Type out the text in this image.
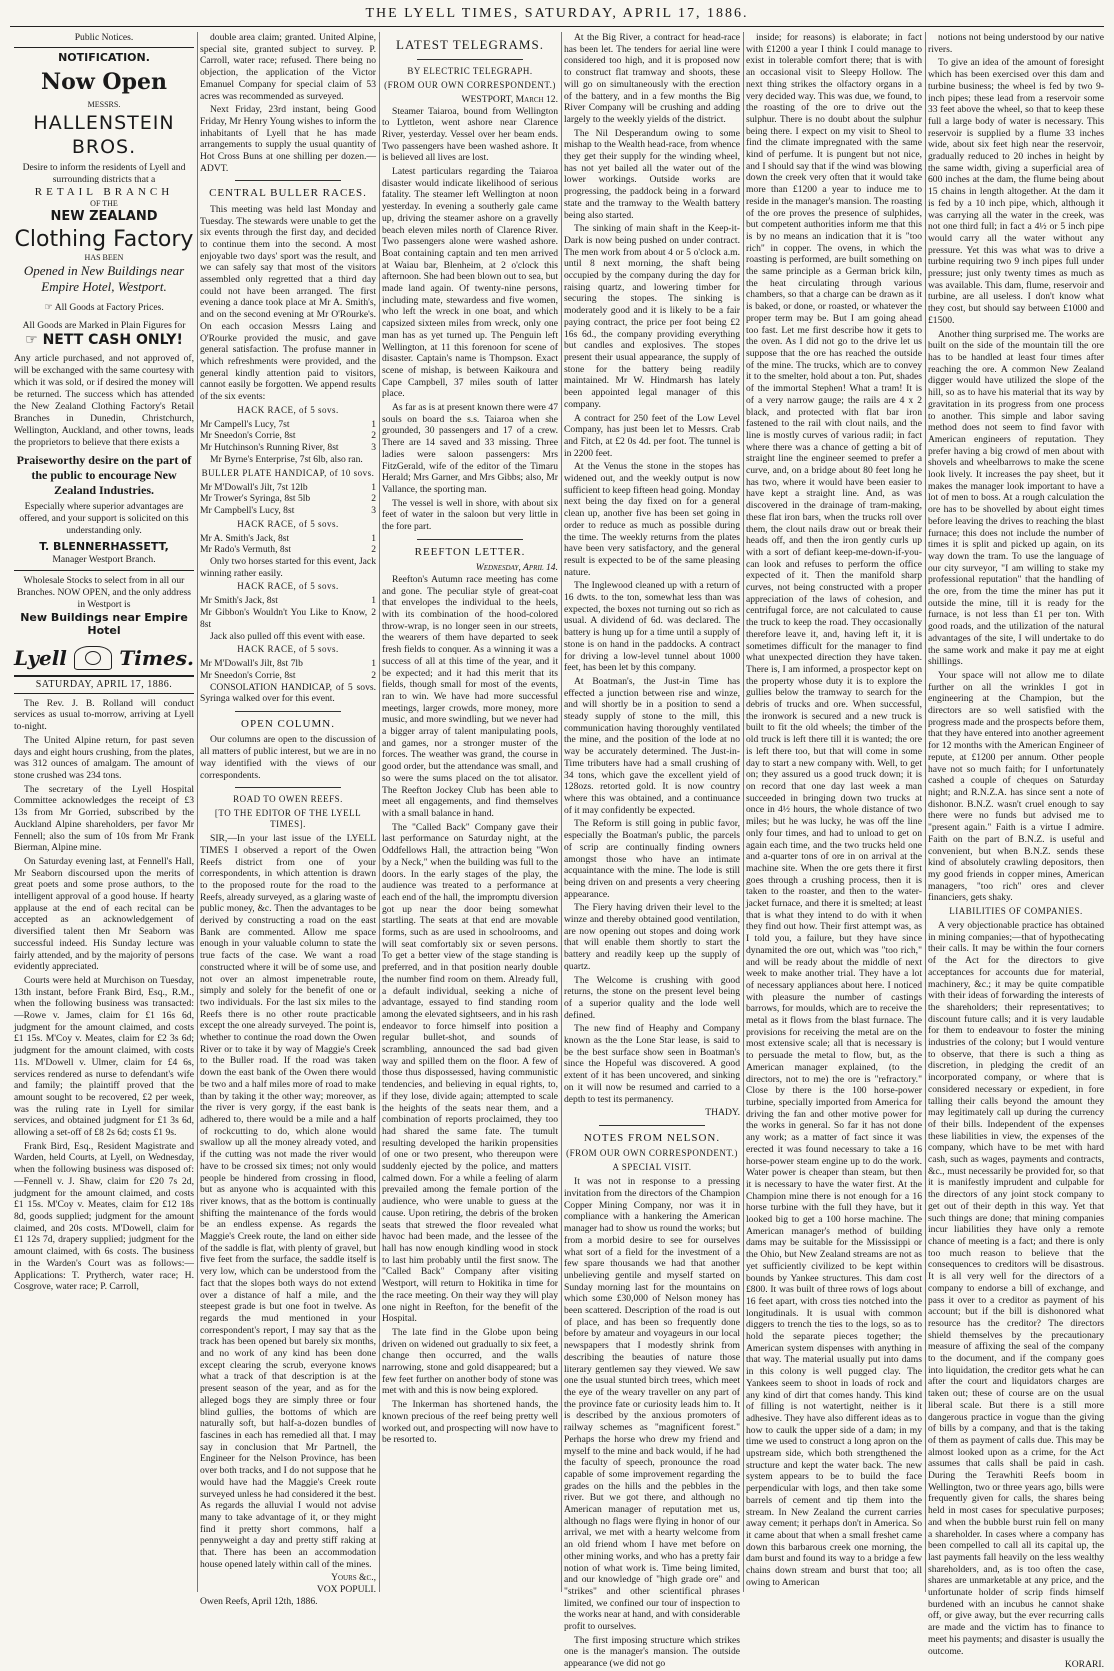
THE LYELL TIMES, SATURDAY, APRIL 17, 1886.
Public Notices.
NOTIFICATION.
Now Open
MESSRS.
HALLENSTEIN BROS.
Desire to inform the residents of Lyell and surrounding districts that a
RETAIL BRANCH
OF THE
NEW ZEALAND
Clothing Factory
HAS BEEN
Opened in New Buildings near Empire Hotel, Westport.
☞ All Goods at Factory Prices.
All Goods are Marked in Plain Figures for
☞ NETT CASH ONLY!
Any article purchased, and not approved of, will be exchanged with the same courtesy with which it was sold, or if desired the money will be returned. The success which has attended the New Zealand Clothing Factory's Retail Branches in Dunedin, Christchurch, Wellington, Auckland, and other towns, leads the proprietors to believe that there exists a
Praiseworthy desire on the part of the public to encourage New Zealand Industries.
Especially where superior advantages are offered, and your support is solicited on this understanding only.
T. BLENNERHASSETT,
Manager Westport Branch.
Wholesale Stocks to select from in all our Branches. NOW OPEN, and the only address in Westport is
New Buildings near Empire Hotel
Lyell	Times.
SATURDAY, APRIL 17, 1886.

The Rev. J. B. Rolland will conduct services as usual to-morrow, arriving at Lyell to-night.

The United Alpine return, for past seven days and eight hours crushing, from the plates, was 312 ounces of amalgam. The amount of stone crushed was 234 tons.

The secretary of the Lyell Hospital Committee acknowledges the receipt of £3 13s from Mr Gorried, subscribed by the Auckland Alpine shareholders, per favor Mr Fennell; also the sum of 10s from Mr Frank Bierman, Alpine mine.

On Saturday evening last, at Fennell's Hall, Mr Seaborn discoursed upon the merits of great poets and some prose authors, to the intelligent approval of a good house. If hearty applause at the end of each recital can be accepted as an acknowledgement of diversified talent then Mr Seaborn was successful indeed. His Sunday lecture was fairly attended, and by the majority of persons evidently appreciated.

Courts were held at Murchison on Tuesday, 13th instant, before Frank Bird, Esq., R.M., when the following business was transacted:—Rowe v. James, claim for £1 16s 6d, judgment for the amount claimed, and costs £1 15s. M'Coy v. Meates, claim for £2 3s 6d; judgment for the amount claimed, with costs 11s. M'Dowell v. Ulmer, claim for £4 6s, services rendered as nurse to defendant's wife and family; the plaintiff proved that the amount sought to be recovered, £2 per week, was the ruling rate in Lyell for similar services, and obtained judgment for £1 3s 6d, allowing a set-off of £8 2s 6d; costs £1 9s.

Frank Bird, Esq., Resident Magistrate and Warden, held Courts, at Lyell, on Wednesday, when the following business was disposed of:—Fennell v. J. Shaw, claim for £20 7s 2d, judgment for the amount claimed, and costs £1 15s. M'Coy v. Meates, claim for £12 18s 8d, goods supplied; judgment for the amount claimed, and 20s costs. M'Dowell, claim for £1 12s 7d, drapery supplied; judgment for the amount claimed, with 6s costs. The business in the Warden's Court was as follows:—Applications: T. Prytherch, water race; H. Cosgrove, water race; P. Carroll,

double area claim; granted. United Alpine, special site, granted subject to survey. P. Carroll, water race; refused. There being no objection, the application of the Victor Emanuel Company for special claim of 53 acres was recommended as surveyed.

Next Friday, 23rd instant, being Good Friday, Mr Henry Young wishes to inform the inhabitants of Lyell that he has made arrangements to supply the usual quantity of Hot Cross Buns at one shilling per dozen.—ADVT.

CENTRAL BULLER RACES.

This meeting was held last Monday and Tuesday. The stewards were unable to get the six events through the first day, and decided to continue them into the second. A most enjoyable two days' sport was the result, and we can safely say that most of the visitors assembled only regretted that a third day could not have been arranged. The first evening a dance took place at Mr A. Smith's, and on the second evening at Mr O'Rourke's. On each occasion Messrs Laing and O'Rourke provided the music, and gave general satisfaction. The profuse manner in which refreshments were provided, and the general kindly attention paid to visitors, cannot easily be forgotten. We append results of the six events:

HACK RACE, of 5 sovs.
Mr Campell's Lucy, 7st	1
Mr Sneedon's Corrie, 8st	2
Mr Hutchinson's Running River, 8st	3

Mr Byrne's Enterprise, 7st 6lb, also ran.

BULLER PLATE HANDICAP, of 10 sovs.
Mr M'Dowall's Jilt, 7st 12lb	1
Mr Trower's Syringa, 8st 5lb	2
Mr Campbell's Lucy, 8st	3
HACK RACE, of 5 sovs.
Mr A. Smith's Jack, 8st	1
Mr Rado's Vermuth, 8st	2

Only two horses started for this event, Jack winning rather easily.

HACK RACE, of 5 sovs.
Mr Smith's Jack, 8st	1
Mr Gibbon's Wouldn't You Like to Know, 8st
2

Jack also pulled off this event with ease.

HACK RACE, of 5 sovs.
Mr M'Dowall's Jilt, 8st 7lb	1
Mr Sneedon's Corrie, 8st	2

CONSOLATION HANDICAP, of 5 sovs. Syringa walked over for this event.

OPEN COLUMN.

Our columns are open to the discussion of all matters of public interest, but we are in no way identified with the views of our correspondents.

ROAD TO OWEN REEFS.
[TO THE EDITOR OF THE LYELL TIMES].

SIR,—In your last issue of the LYELL TIMES I observed a report of the Owen Reefs district from one of your correspondents, in which attention is drawn to the proposed route for the road to the Reefs, already surveyed, as a glaring waste of public money, &c. Then the advantages to be derived by constructing a road on the east Bank are commented. Allow me space enough in your valuable column to state the true facts of the case. We want a road constructed where it will be of some use, and not over an almost impenetrable route, simply and solely for the benefit of one or two individuals. For the last six miles to the Reefs there is no other route practicable except the one already surveyed. The point is, whether to continue the road down the Owen River or to take it by way of Maggie's Creek to the Buller road. If the road was taken down the east bank of the Owen there would be two and a half miles more of road to make than by taking it the other way; moreover, as the river is very gorgy, if the east bank is adhered to, there would be a mile and a half of rockcutting to do, which alone would swallow up all the money already voted, and if the cutting was not made the river would have to be crossed six times; not only would people be hindered from crossing in flood, but as anyone who is acquainted with this river knows, that as the bottom is continually shifting the maintenance of the fords would be an endless expense. As regards the Maggie's Creek route, the land on either side of the saddle is flat, with plenty of gravel, but five feet from the surface, the saddle itself is very low, which can be understood from the fact that the slopes both ways do not extend over a distance of half a mile, and the steepest grade is but one foot in twelve. As regards the mud mentioned in your correspondent's report, I may say that as the track has been opened but barely six months, and no work of any kind has been done except clearing the scrub, everyone knows what a track of that description is at the present season of the year, and as for the alleged bogs they are simply three or four blind gullies, the bottoms of which are naturally soft, but half-a-dozen bundles of fascines in each has remedied all that. I may say in conclusion that Mr Partnell, the Engineer for the Nelson Province, has been over both tracks, and I do not suppose that he would have had the Maggie's Creek route surveyed unless he had considered it the best. As regards the alluvial I would not advise many to take advantage of it, or they might find it pretty short commons, half a pennyweight a day and pretty stiff raking at that. There has been an accommodation house opened lately within call of the mines.

Yours &c.,
VOX POPULI.
Owen Reefs, April 12th, 1886.
LATEST TELEGRAMS.
BY ELECTRIC TELEGRAPH.
(FROM OUR OWN CORRESPONDENT.)
WESTPORT, March 12.

Steamer Taiaroa, bound from Wellington to Lyttleton, went ashore near Clarence River, yesterday. Vessel over her beam ends. Two passengers have been washed ashore. It is believed all lives are lost.

Latest particulars regarding the Taiaroa disaster would indicate likelihood of serious fatality. The steamer left Wellington at noon yesterday. In evening a southerly gale came up, driving the steamer ashore on a gravelly beach eleven miles north of Clarence River. Two passengers alone were washed ashore. Boat containing captain and ten men arrived at Waiau bar, Blenheim, at 2 o'clock this afternoon. She had been blown out to sea, but made land again. Of twenty-nine persons, including mate, stewardess and five women, who left the wreck in one boat, and which capsized sixteen miles from wreck, only one man has as yet turned up. The Penguin left Wellington, at 11 this forenoon for scene of disaster. Captain's name is Thompson. Exact scene of mishap, is between Kaikoura and Cape Campbell, 37 miles south of latter place.

As far as is at present known there were 47 souls on board the s.s. Taiaroa when she grounded, 30 passengers and 17 of a crew. There are 14 saved and 33 missing. Three ladies were saloon passengers: Mrs FitzGerald, wife of the editor of the Timaru Herald; Mrs Garner, and Mrs Gibbs; also, Mr Vallance, the sporting man.

The vessel is well in shore, with about six feet of water in the saloon but very little in the fore part.

REEFTON LETTER.
Wednesday, April 14.

Reefton's Autumn race meeting has come and gone. The peculiar style of great-coat that envelopes the individual to the heels, with its combination of the hood-colored throw-wrap, is no longer seen in our streets, the wearers of them have departed to seek fresh fields to conquer. As a winning it was a success of all at this time of the year, and it be expected; and it had this merit that its fields, though small for most of the events, ran to win. We have had more successful meetings, larger crowds, more money, more music, and more swindling, but we never had a bigger array of talent manipulating pools, and games, nor a stronger muster of the forces. The weather was grand, the course in good order, but the attendance was small, and so were the sums placed on the tot alisator. The Reefton Jockey Club has been able to meet all engagements, and find themselves with a small balance in hand.

The "Called Back" Company gave their last performance on Saturday night, at the Oddfellows Hall, the attraction being "Won by a Neck," when the building was full to the doors. In the early stages of the play, the audience was treated to a performance at each end of the hall, the impromptu diversion got up near the door being somewhat startling. The seats at that end are movable forms, such as are used in schoolrooms, and will seat comfortably six or seven persons. To get a better view of the stage standing is preferred, and in that position nearly double the number find room on them. Already full, a default individual, seeking a niche of advantage, essayed to find standing room among the elevated sightseers, and in his rash endeavor to force himself into position a regular bullet-shot, and sounds of scrambling, announced the sad bad given way and spilled them on the floor. A few of those thus dispossessed, having communistic tendencies, and believing in equal rights, to, if they lose, divide again; attempted to scale the heights of the seats near them, and a combination of reports proclaimed, they too had shared the same fate. The tumult resulting developed the harikin propensities of one or two present, who thereupon were suddenly ejected by the police, and matters calmed down. For a while a feeling of alarm prevailed among the female portion of the audience, who were unable to guess at the cause. Upon retiring, the debris of the broken seats that strewed the floor revealed what havoc had been made, and the lessee of the hall has now enough kindling wood in stock to last him probably until the first snow. The "Called Back" Company after visiting Westport, will return to Hokitika in time for the race meeting. On their way they will play one night in Reefton, for the benefit of the Hospital.

The late find in the Globe upon being driven on widened out gradually to six feet, a change then occurred, and the walls narrowing, stone and gold disappeared; but a few feet further on another body of stone was met with and this is now being explored.

The Inkerman has shortened hands, the known precious of the reef being pretty well worked out, and prospecting will now have to be resorted to.

At the Big River, a contract for head-race has been let. The tenders for aerial line were considered too high, and it is proposed now to construct flat tramway and shoots, these will go on simultaneously with the erection of the battery, and in a few months the Big River Company will be crushing and adding largely to the weekly yields of the district.

The Nil Desperandum owing to some mishap to the Wealth head-race, from whence they get their supply for the winding wheel, has not yet bailed all the water out of the lower workings. Outside works are progressing, the paddock being in a forward state and the tramway to the Wealth battery being also started.

The sinking of main shaft in the Keep-it-Dark is now being pushed on under contract. The men work from about 4 or 5 o'clock a.m. until 8 next morning, the shaft being occupied by the company during the day for raising quartz, and lowering timber for securing the stopes. The sinking is moderately good and it is likely to be a fair paying contract, the price per foot being £2 16s 6d., the company providing everything but candles and explosives. The stopes present their usual appearance, the supply of stone for the battery being readily maintained. Mr W. Hindmarsh has lately been appointed legal manager of this company.

A contract for 250 feet of the Low Level Company, has just been let to Messrs. Crab and Fitch, at £2 0s 4d. per foot. The tunnel is in 2200 feet.

At the Venus the stone in the stopes has widened out, and the weekly output is now sufficient to keep fifteen head going. Monday next being the day fixed on for a general clean up, another five has been set going in order to reduce as much as possible during the time. The weekly returns from the plates have been very satisfactory, and the general result is expected to be of the same pleasing nature.

The Inglewood cleaned up with a return of 16 dwts. to the ton, somewhat less than was expected, the boxes not turning out so rich as usual. A dividend of 6d. was declared. The battery is hung up for a time until a supply of stone is on hand in the paddocks. A contract for driving a low-level tunnel about 1000 feet, has been let by this company.

At Boatman's, the Just-in Time has effected a junction between rise and winze, and will shortly be in a position to send a steady supply of stone to the mill, this communication having thoroughly ventilated the mine, and the position of the lode at no way be accurately determined. The Just-in-Time tributers have had a small crushing of 34 tons, which gave the excellent yield of 128ozs. retorted gold. It is now country where this was obtained, and a continuance of it may confidently be expected.

The Reform is still going in public favor, especially the Boatman's public, the parcels of scrip are continually finding owners amongst those who have an intimate acquaintance with the mine. The lode is still being driven on and presents a very cheering appearance.

The Fiery having driven their level to the winze and thereby obtained good ventilation, are now opening out stopes and doing work that will enable them shortly to start the battery and readily keep up the supply of quartz.

The Welcome is crushing with good returns, the stone on the present level being of a superior quality and the lode well defined.

The new find of Heaphy and Company known as the the Lone Star lease, is said to be the best surface show seen in Boatman's since the Hopeful was discovered. A good extent of it has been uncovered, and sinking on it will now be resumed and carried to a depth to test its permanency.

THADY.
NOTES FROM NELSON.
(FROM OUR OWN CORRESPONDENT.)
A SPECIAL VISIT.

It was not in response to a pressing invitation from the directors of the Champion Copper Mining Company, nor was it in compliance with a hankering the American manager had to show us round the works; but from a morbid desire to see for ourselves what sort of a field for the investment of a few spare thousands we had that another unbelieving gentile and myself started on Sunday morning last for the mountains on which some £30,000 of Nelson money has been scattered. Description of the road is out of place, and has been so frequently done before by amateur and voyageurs in our local newspapers that I modestly shrink from describing the beauties of nature those literary gentlemen say they viewed. We saw one the usual stunted birch trees, which meet the eye of the weary traveller on any part of the province fate or curiosity leads him to. It is described by the anxious promoters of railway schemes as "magnificent forest." Perhaps the horse who drew my friend and myself to the mine and back would, if he had the faculty of speech, pronounce the road capable of some improvement regarding the grades on the hills and the pebbles in the river. But we got there, and although no American manager of reputation met us, although no flags were flying in honor of our arrival, we met with a hearty welcome from an old friend whom I have met before on other mining works, and who has a pretty fair notion of what work is. Time being limited, and our knowledge of "high grade ore" and "strikes" and other scientifical phrases limited, we confined our tour of inspection to the works near at hand, and with considerable profit to ourselves.

The first imposing structure which strikes one is the manager's mansion. The outside appearance (we did not go

inside; for reasons) is elaborate; in fact with £1200 a year I think I could manage to exist in tolerable comfort there; that is with an occasional visit to Sleepy Hollow. The next thing strikes the olfactory organs in a very decided way. This was due, we found, to the roasting of the ore to drive out the sulphur. There is no doubt about the sulphur being there. I expect on my visit to Sheol to find the climate impregnated with the same kind of perfume. It is pungent but not nice, and I should say that if the wind was blowing down the creek very often that it would take more than £1200 a year to induce me to reside in the manager's mansion. The roasting of the ore proves the presence of sulphides, but competent authorities inform me that this is by no means an indication that it is "too rich" in copper. The ovens, in which the roasting is performed, are built something on the same principle as a German brick kiln, the heat circulating through various chambers, so that a charge can be drawn as it is baked, or done, or roasted, or whatever the proper term may be. But I am going ahead too fast. Let me first describe how it gets to the oven. As I did not go to the drive let us suppose that the ore has reached the outside of the mine. The trucks, which are to convey it to the smelter, hold about a ton. Put, shades of the immortal Stephen! What a tram! It is of a very narrow gauge; the rails are 4 x 2 black, and protected with flat bar iron fastened to the rail with clout nails, and the line is mostly curves of various radii; in fact where there was a chance of getting a bit of straight line the engineer seemed to prefer a curve, and, on a bridge about 80 feet long he has two, where it would have been easier to have kept a straight line. And, as was discovered in the drainage of tram-making, these flat iron bars, when the trucks roll over them, the clout nails draw out or break their heads off, and then the iron gently curls up with a sort of defiant keep-me-down-if-you-can look and refuses to perform the office expected of it. Then the manifold sharp curves, not being constructed with a proper appreciation of the laws of cohesion, and centrifugal force, are not calculated to cause the truck to keep the road. They occasionally therefore leave it, and, having left it, it is sometimes difficult for the manager to find what unexpected direction they have taken. There is, I am informed, a prospector kept on the property whose duty it is to explore the gullies below the tramway to search for the debris of trucks and ore. When successful, the ironwork is secured and a new truck is built to fit the old wheels; the timber of the old truck is left there till it is wanted; the ore is left there too, but that will come in some day to start a new company with. Well, to get on; they assured us a good truck down; it is on record that one day last week a man succeeded in bringing down two trucks at once in 4½ hours, the whole distance of two miles; but he was lucky, he was off the line only four times, and had to unload to get on again each time, and the two trucks held one and a-quarter tons of ore in on arrival at the machine site. When the ore gets there it first goes through a crushing process, then it is taken to the roaster, and then to the water-jacket furnace, and there it is smelted; at least that is what they intend to do with it when they find out how. Their first attempt was, as I told you, a failure, but they have since dynamited the ore out, which was "too rich," and will be ready about the middle of next week to make another trial. They have a lot of necessary appliances about here. I noticed with pleasure the number of castings barrows, for moulds, which are to receive the metal as it flows from the blast furnace. The provisions for receiving the metal are on the most extensive scale; all that is necessary is to persuade the metal to flow, but, as the American manager explained, (to the directors, not to me) the ore is "refractory." Close by there is the 100 horse-power turbine, specially imported from America for driving the fan and other motive power for the works in general. So far it has not done any work; as a matter of fact since it was erected it was found necessary to take a 16 horse-power steam engine up to do the work. Water power is cheaper than steam, but then it is necessary to have the water first. At the Champion mine there is not enough for a 16 horse turbine with the full they have, but it looked big to get a 100 horse machine. The American manager's method of building dams may be suitable for the Mississippi or the Ohio, but New Zealand streams are not as yet sufficiently civilized to be kept within bounds by Yankee structures. This dam cost £800. It was built of three rows of logs about 16 feet apart, with cross ties notched into the longitudinals. It is usual with common diggers to trench the ties to the logs, so as to hold the separate pieces together; the American system dispenses with anything in that way. The material usually put into dams in this colony is well pugged clay. The Yankees seem to shoot in loads of rock and any kind of dirt that comes handy. This kind of filling is not watertight, neither is it adhesive. They have also different ideas as to how to caulk the upper side of a dam; in my time we used to construct a long apron on the upstream side, which both strengthened the structure and kept the water back. The new system appears to be to build the face perpendicular with logs, and then take some barrels of cement and tip them into the stream. In New Zealand the current carries away cement; it perhaps don't in America. So it came about that when a small freshet came down this barbarous creek one morning, the dam burst and found its way to a bridge a few chains down stream and burst that too; all owing to American

notions not being understood by our native rivers.

To give an idea of the amount of foresight which has been exercised over this dam and turbine business; the wheel is fed by two 9-inch pipes; these lead from a reservoir some 33 feet above the wheel, so that to keep these full a large body of water is necessary. This reservoir is supplied by a flume 33 inches wide, about six feet high near the reservoir, gradually reduced to 20 inches in height by the same width, giving a superficial area of 600 inches at the dam, the flume being about 15 chains in length altogether. At the dam it is fed by a 10 inch pipe, which, although it was carrying all the water in the creek, was not one third full; in fact a 4½ or 5 inch pipe would carry all the water without any pressure. Yet this was what was to drive a turbine requiring two 9 inch pipes full under pressure; just only twenty times as much as was available. This dam, flume, reservoir and turbine, are all useless. I don't know what they cost, but should say between £1000 and £1500.

Another thing surprised me. The works are built on the side of the mountain till the ore has to be handled at least four times after reaching the ore. A common New Zealand digger would have utilized the slope of the hill, so as to have his material that its way by gravitation in its progress from one process to another. This simple and labor saving method does not seem to find favor with American engineers of reputation. They prefer having a big crowd of men about with shovels and wheelbarrows to make the scene look lively. It increases the pay sheet, but it makes the manager look important to have a lot of men to boss. At a rough calculation the ore has to be shovelled by about eight times before leaving the drives to reaching the blast furnace; this does not include the number of times it is split and picked up again, on its way down the tram. To use the language of our city surveyor, "I am willing to stake my professional reputation" that the handling of the ore, from the time the miner has put it outside the mine, till it is ready for the furnace, is not less than £1 per ton. With good roads, and the utilization of the natural advantages of the site, I will undertake to do the same work and make it pay me at eight shillings.

Your space will not allow me to dilate further on all the wrinkles I got in engineering at the Champion, but the directors are so well satisfied with the progress made and the prospects before them, that they have entered into another agreement for 12 months with the American Engineer of repute, at £1200 per annum. Other people have not so much faith; for I unfortunately cashed a couple of cheques on Saturday night; and R.N.Z.A. has since sent a note of dishonor. B.N.Z. wasn't cruel enough to say there were no funds but advised me to "present again." Faith is a virtue I admire. Faith on the part of B.N.Z. is useful and convenient, but when B.N.Z. sends these kind of absolutely crawling depositors, then my good friends in copper mines, American managers, "too rich" ores and clever financiers, gets shaky.

LIABILITIES OF COMPANIES.

A very objectionable practice has obtained in mining companies;—that of hypothecating their calls. It may be within the four corners of the Act for the directors to give acceptances for accounts due for material, machinery, &c.; it may be quite compatible with their ideas of forwarding the interests of the shareholders; their representatives; to discount future calls; and it is very laudable for them to endeavour to foster the mining industries of the colony; but I would venture to observe, that there is such a thing as discretion, in pledging the credit of an incorporated company, or where that is considered necessary or expedient, in fore talling their calls beyond the amount they may legitimately call up during the currency of their bills. Independent of the expenses these liabilities in view, the expenses of the company, which have to be met with hard cash, such as wages, payments and contracts, &c., must necessarily be provided for, so that it is manifestly imprudent and culpable for the directors of any joint stock company to get out of their depth in this way. Yet that such things are done; that mining companies incur liabilities they have only a remote chance of meeting is a fact; and there is only too much reason to believe that the consequences to creditors will be disastrous. It is all very well for the directors of a company to endorse a bill of exchange, and pass it over to a creditor as payment of his account; but if the bill is dishonored what resource has the creditor? The directors shield themselves by the precautionary measure of affixing the seal of the company to the document, and if the company goes into liquidation, the creditor gets what he can after the court and liquidators charges are taken out; these of course are on the usual liberal scale. But there is a still more dangerous practice in vogue than the giving of bills by a company, and that is the taking of them as payment of calls due. This may be almost looked upon as a crime, for the Act assumes that calls shall be paid in cash. During the Terawhiti Reefs boom in Wellington, two or three years ago, bills were frequently given for calls, the shares being held in most cases for speculative purposes; and when the bubble burst ruin fell on many a shareholder. In cases where a company has been compelled to call all its capital up, the last payments fall heavily on the less wealthy shareholders, and, as is too often the case, shares are unmarketable at any price, and the unfortunate holder of scrip finds himself burdened with an incubus he cannot shake off, or give away, but the ever recurring calls are made and the victim has to finance to meet his payments; and disaster is usually the outcome.

KORARI.
